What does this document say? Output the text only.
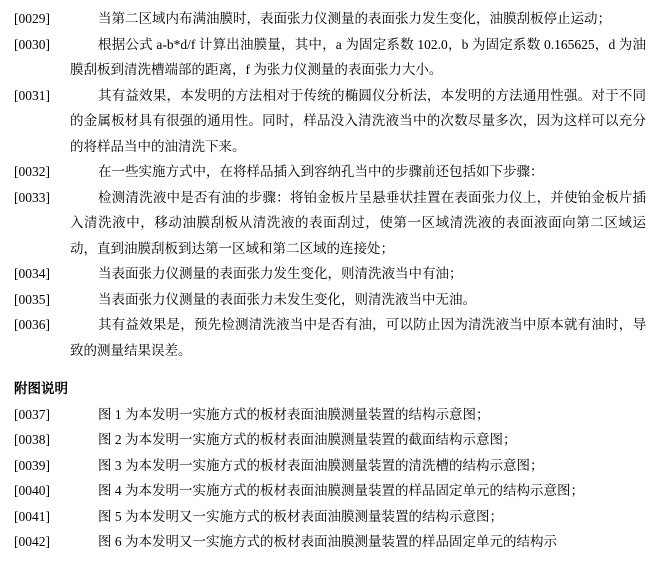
[0029]	当第二区域内布满油膜时，表面张力仪测量的表面张力发生变化，油膜刮板停止运动；
[0030]	根据公式 a-b*d/f 计算出油膜量，其中，a 为固定系数 102.0，b 为固定系数 0.165625，d 为油膜刮板到清洗槽端部的距离，f 为张力仪测量的表面张力大小。
[0031]	其有益效果，本发明的方法相对于传统的椭圆仪分析法，本发明的方法通用性强。对于不同的金属板材具有很强的通用性。同时，样品没入清洗液当中的次数尽量多次，因为这样可以充分的将样品当中的油清洗下来。
[0032]	在一些实施方式中，在将样品插入到容纳孔当中的步骤前还包括如下步骤：
[0033]	检测清洗液中是否有油的步骤：将铂金板片呈悬垂状挂置在表面张力仪上，并使铂金板片插入清洗液中，移动油膜刮板从清洗液的表面刮过，使第一区域清洗液的表面液面向第二区域运动，直到油膜刮板到达第一区域和第二区域的连接处；
[0034]	当表面张力仪测量的表面张力发生变化，则清洗液当中有油；
[0035]	当表面张力仪测量的表面张力未发生变化，则清洗液当中无油。
[0036]	其有益效果是，预先检测清洗液当中是否有油，可以防止因为清洗液当中原本就有油时，导致的测量结果误差。
附图说明
[0037]	图 1 为本发明一实施方式的板材表面油膜测量装置的结构示意图；
[0038]	图 2 为本发明一实施方式的板材表面油膜测量装置的截面结构示意图；
[0039]	图 3 为本发明一实施方式的板材表面油膜测量装置的清洗槽的结构示意图；
[0040]	图 4 为本发明一实施方式的板材表面油膜测量装置的样品固定单元的结构示意图；
[0041]	图 5 为本发明又一实施方式的板材表面油膜测量装置的结构示意图；
[0042]	图 6 为本发明又一实施方式的板材表面油膜测量装置的样品固定单元的结构示
